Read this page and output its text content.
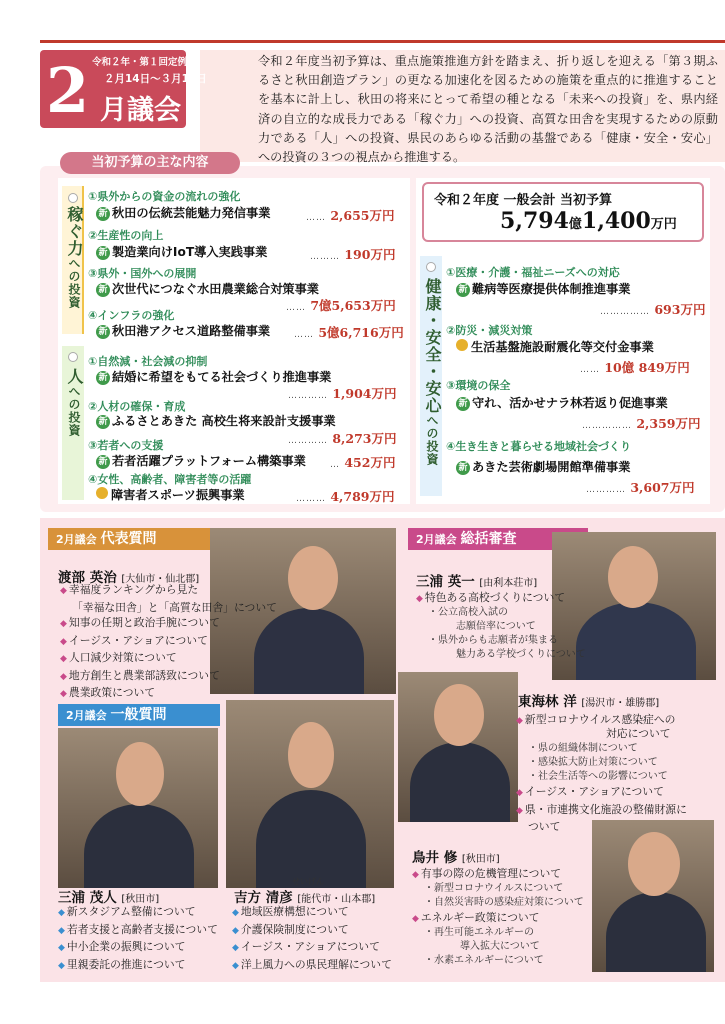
令和２年・第１回定例会
２月14日～３月19日
2 月議会
令和２年度当初予算は、重点施策推進方針を踏まえ、折り返しを迎える「第３期ふるさと秋田創造プラン」の更なる加速化を図るための施策を重点的に推進することを基本に計上し、秋田の将来にとって希望の種となる「未来への投資」を、県内経済の自立的な成長力である「稼ぐ力」への投資、高質な田舎を実現するための原動力である「人」への投資、県民のあらゆる活動の基盤である「健康・安全・安心」への投資の３つの視点から推進する。
当初予算の主な内容
稼ぐ力への投資
人への投資	健康・安全・安心への投資
①県外からの資金の流れの強化
新 秋田の伝統芸能魅力発信事業	…… 2,655万円
②生産性の向上
新 製造業向けIoT導入実践事業	……… 190万円
③県外・国外への展開
新 次世代につなぐ水田農業総合対策事業
…… 7億5,653万円
④インフラの強化
新 秋田港アクセス道路整備事業	…… 5億6,716万円
①自然減・社会減の抑制
新 結婚に希望をもてる社会づくり推進事業
………… 1,904万円
②人材の確保・育成
新 ふるさとあきた 高校生将来設計支援事業
………… 8,273万円
③若者への支援
新 若者活躍プラットフォーム構築事業	… 452万円
④女性、高齢者、障害者等の活躍
障害者スポーツ振興事業	……… 4,789万円
令和２年度 一般会計 当初予算
5,794億1,400万円
①医療・介護・福祉ニーズへの対応
新 難病等医療提供体制推進事業
…………… 693万円
②防災・減災対策
生活基盤施設耐震化等交付金事業
…… 10億 849万円
③環境の保全
新 守れ、活かせナラ林若返り促進事業
…………… 2,359万円
④生き生きと暮らせる地域社会づくり
新 あきた芸術劇場開館準備事業
………… 3,607万円
2月議会 代表質問
渡部 英治 [大仙市・仙北郡]
◆ 幸福度ランキングから見た
「幸福な田舎」と「高質な田舎」について
◆ 知事の任期と政治手腕について
◆ イージス・アショアについて
◆ 人口減少対策について
◆ 地方創生と農業部誘致について
◆ 農業政策について
2月議会 一般質問
三浦 茂人 [秋田市]
◆ 新スタジアム整備について
◆ 若者支援と高齢者支援について
◆ 中小企業の振興について
◆ 里親委託の推進について
せいげん
吉方 清彦 [能代市・山本郡]
◆ 地域医療構想について
◆ 介護保険制度について
◆ イージス・アショアについて
◆ 洋上風力への県民理解について
2月議会 総括審査
三浦 英一 [由利本荘市]
◆ 特色ある高校づくりについて
・公立高校入試の
志願倍率について
・県外からも志願者が集まる
魅力ある学校づくりについて
東海林 洋 [湯沢市・雄勝郡]
◆ 新型コロナウイルス感染症への
対応について
・県の組織体制について
・感染拡大防止対策について
・社会生活等への影響について
◆ イージス・アショアについて
◆ 県・市連携文化施設の整備財源に
ついて
鳥井 修 [秋田市]
◆ 有事の際の危機管理について
・新型コロナウイルスについて
・自然災害時の感染症対策について
◆ エネルギー政策について
・再生可能エネルギーの
導入拡大について
・水素エネルギーについて
